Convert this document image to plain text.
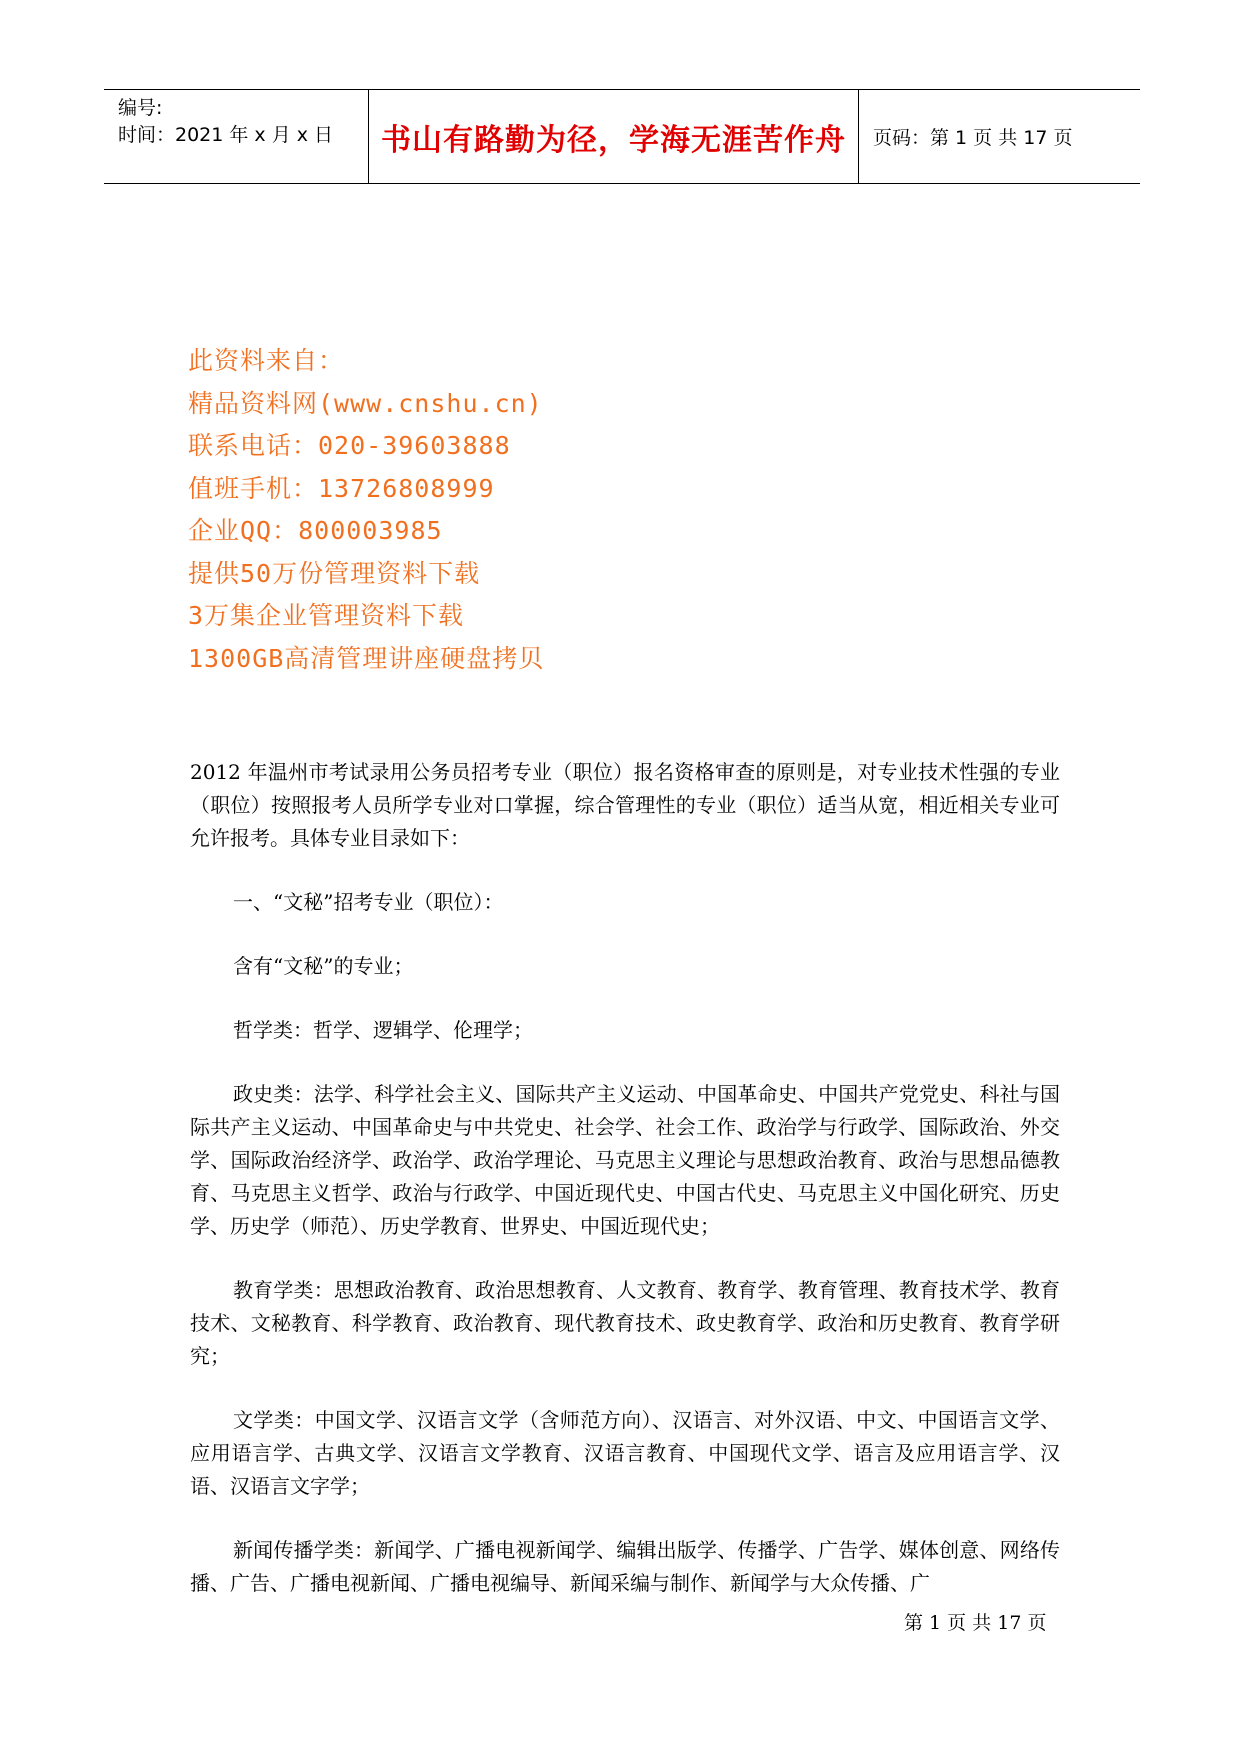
编号:
时间：2021 年 x 月 x 日	书山有路勤为径，学海无涯苦作舟	页码：第 1 页 共 17 页
此资料来自：
精品资料网(www.cnshu.cn)
联系电话：020-39603888
值班手机：13726808999
企业QQ：800003985
提供50万份管理资料下载
3万集企业管理资料下载
1300GB高清管理讲座硬盘拷贝

2012 年温州市考试录用公务员招考专业（职位）报名资格审查的原则是，对专业技术性强的专业（职位）按照报考人员所学专业对口掌握，综合管理性的专业（职位）适当从宽，相近相关专业可允许报考。具体专业目录如下：

一、“文秘”招考专业（职位）：

含有“文秘”的专业；

哲学类：哲学、逻辑学、伦理学；

政史类：法学、科学社会主义、国际共产主义运动、中国革命史、中国共产党党史、科社与国际共产主义运动、中国革命史与中共党史、社会学、社会工作、政治学与行政学、国际政治、外交学、国际政治经济学、政治学、政治学理论、马克思主义理论与思想政治教育、政治与思想品德教育、马克思主义哲学、政治与行政学、中国近现代史、中国古代史、马克思主义中国化研究、历史学、历史学（师范）、历史学教育、世界史、中国近现代史；

教育学类：思想政治教育、政治思想教育、人文教育、教育学、教育管理、教育技术学、教育技术、文秘教育、科学教育、政治教育、现代教育技术、政史教育学、政治和历史教育、教育学研究；

文学类：中国文学、汉语言文学（含师范方向）、汉语言、对外汉语、中文、中国语言文学、应用语言学、古典文学、汉语言文学教育、汉语言教育、中国现代文学、语言及应用语言学、汉语、汉语言文字学；

新闻传播学类：新闻学、广播电视新闻学、编辑出版学、传播学、广告学、媒体创意、网络传播、广告、广播电视新闻、广播电视编导、新闻采编与制作、新闻学与大众传播、广

第 1 页 共 17 页
